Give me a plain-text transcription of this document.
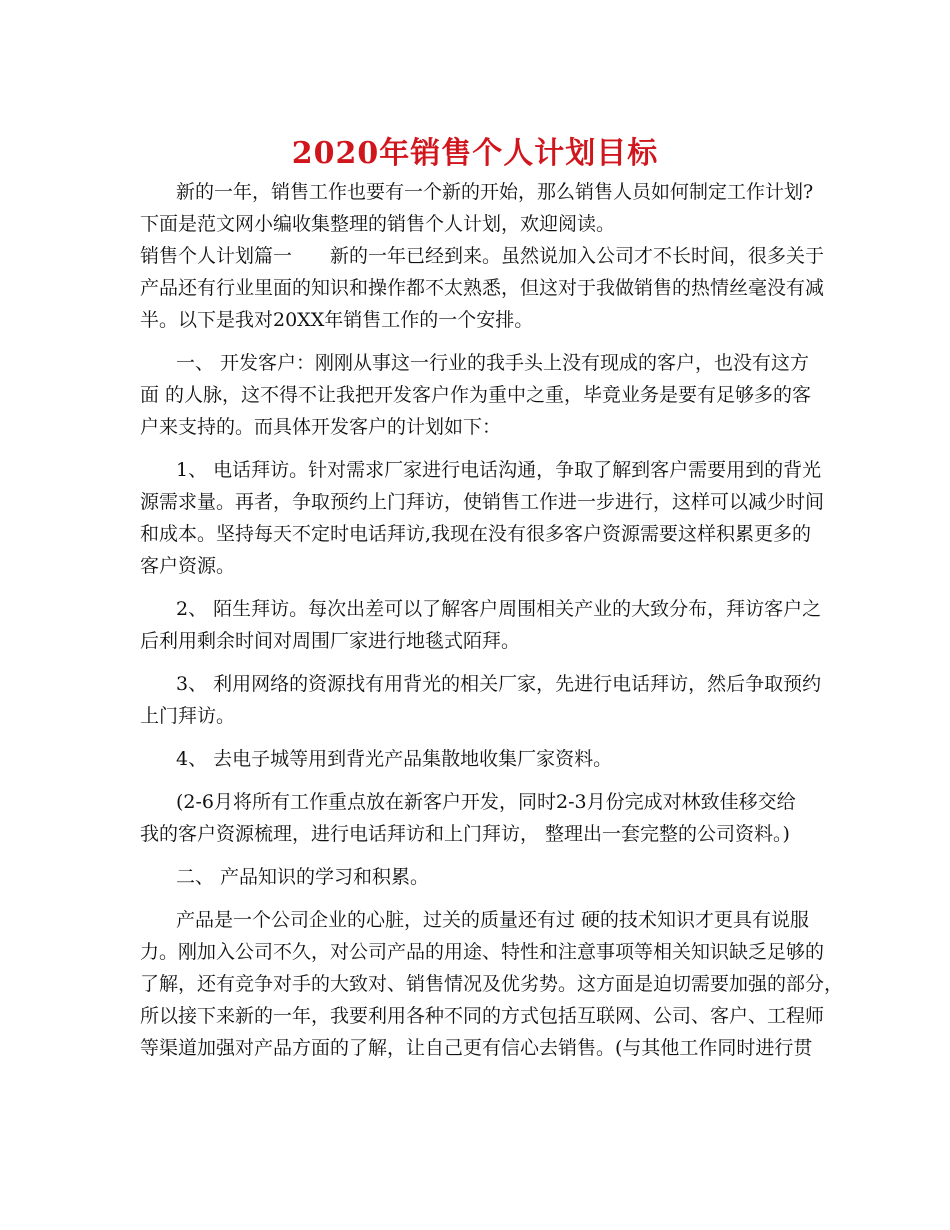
2020年销售个人计划目标

新的一年，销售工作也要有一个新的开始，那么销售人员如何制定工作计划?

下面是范文网小编收集整理的销售个人计划，欢迎阅读。

销售个人计划篇一　　新的一年已经到来。虽然说加入公司才不长时间，很多关于

产品还有行业里面的知识和操作都不太熟悉，但这对于我做销售的热情丝毫没有减

半。以下是我对20XX年销售工作的一个安排。

一、 开发客户：刚刚从事这一行业的我手头上没有现成的客户，也没有这方

面 的人脉，这不得不让我把开发客户作为重中之重，毕竟业务是要有足够多的客

户来支持的。而具体开发客户的计划如下：

1、 电话拜访。针对需求厂家进行电话沟通，争取了解到客户需要用到的背光

源需求量。再者，争取预约上门拜访，使销售工作进一步进行，这样可以减少时间

和成本。坚持每天不定时电话拜访,我现在没有很多客户资源需要这样积累更多的

客户资源。

2、 陌生拜访。每次出差可以了解客户周围相关产业的大致分布，拜访客户之

后利用剩余时间对周围厂家进行地毯式陌拜。

3、 利用网络的资源找有用背光的相关厂家，先进行电话拜访，然后争取预约

上门拜访。

4、 去电子城等用到背光产品集散地收集厂家资料。

(2-6月将所有工作重点放在新客户开发，同时2-3月份完成对林致佳移交给

我的客户资源梳理，进行电话拜访和上门拜访， 整理出一套完整的公司资料。)

二、 产品知识的学习和积累。

产品是一个公司企业的心脏，过关的质量还有过 硬的技术知识才更具有说服

力。刚加入公司不久，对公司产品的用途、特性和注意事项等相关知识缺乏足够的

了解，还有竞争对手的大致对、销售情况及优劣势。这方面是迫切需要加强的部分，

所以接下来新的一年，我要利用各种不同的方式包括互联网、公司、客户、工程师

等渠道加强对产品方面的了解，让自己更有信心去销售。(与其他工作同时进行贯
